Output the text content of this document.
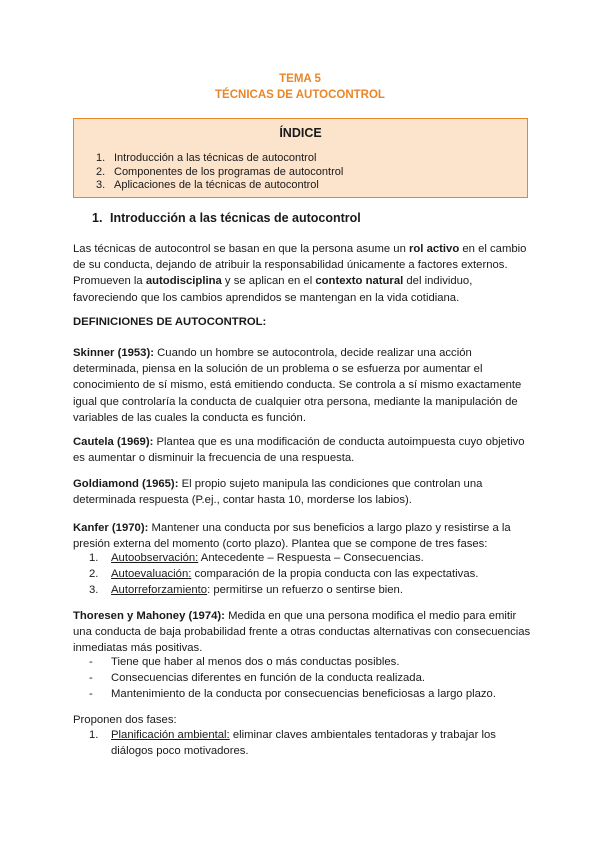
TEMA 5
TÉCNICAS DE AUTOCONTROL
ÍNDICE
1. Introducción a las técnicas de autocontrol
2. Componentes de los programas de autocontrol
3. Aplicaciones de la técnicas de autocontrol
1. Introducción a las técnicas de autocontrol

Las técnicas de autocontrol se basan en que la persona asume un rol activo en el cambio de su conducta, dejando de atribuir la responsabilidad únicamente a factores externos. Promueven la autodisciplina y se aplican en el contexto natural del individuo, favoreciendo que los cambios aprendidos se mantengan en la vida cotidiana.

DEFINICIONES DE AUTOCONTROL:

Skinner (1953): Cuando un hombre se autocontrola, decide realizar una acción determinada, piensa en la solución de un problema o se esfuerza por aumentar el conocimiento de sí mismo, está emitiendo conducta. Se controla a sí mismo exactamente igual que controlaría la conducta de cualquier otra persona, mediante la manipulación de variables de las cuales la conducta es función.

Cautela (1969): Plantea que es una modificación de conducta autoimpuesta cuyo objetivo es aumentar o disminuir la frecuencia de una respuesta.

Goldiamond (1965): El propio sujeto manipula las condiciones que controlan una determinada respuesta (P.ej., contar hasta 10, morderse los labios).

Kanfer (1970): Mantener una conducta por sus beneficios a largo plazo y resistirse a la presión externa del momento (corto plazo). Plantea que se compone de tres fases:

1. Autoobservación: Antecedente – Respuesta – Consecuencias.
2. Autoevaluación: comparación de la propia conducta con las expectativas.
3. Autorreforzamiento: permitirse un refuerzo o sentirse bien.

Thoresen y Mahoney (1974): Medida en que una persona modifica el medio para emitir una conducta de baja probabilidad frente a otras conductas alternativas con consecuencias inmediatas más positivas.

- Tiene que haber al menos dos o más conductas posibles.
- Consecuencias diferentes en función de la conducta realizada.
- Mantenimiento de la conducta por consecuencias beneficiosas a largo plazo.

Proponen dos fases:

1. Planificación ambiental: eliminar claves ambientales tentadoras y trabajar los diálogos poco motivadores.
